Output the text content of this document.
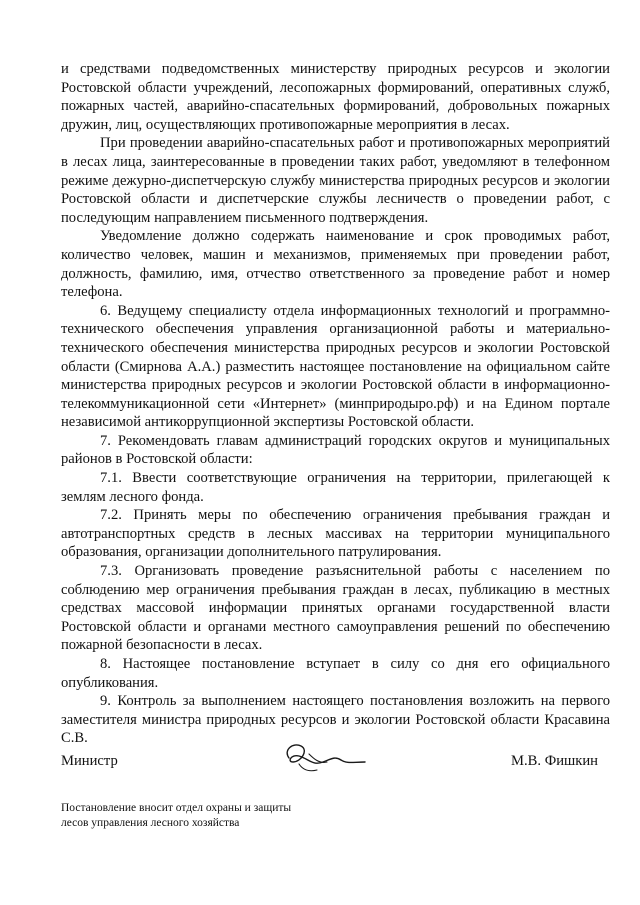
и средствами подведомственных министерству природных ресурсов и экологии Ростовской области учреждений, лесопожарных формирований, оперативных служб, пожарных частей, аварийно-спасательных формирований, добровольных пожарных дружин, лиц, осуществляющих противопожарные мероприятия в лесах.

При проведении аварийно-спасательных работ и противопожарных мероприятий в лесах лица, заинтересованные в проведении таких работ, уведомляют в телефонном режиме дежурно-диспетчерскую службу министерства природных ресурсов и экологии Ростовской области и диспетчерские службы лесничеств о проведении работ, с последующим направлением письменного подтверждения.

Уведомление должно содержать наименование и срок проводимых работ, количество человек, машин и механизмов, применяемых при проведении работ, должность, фамилию, имя, отчество ответственного за проведение работ и номер телефона.

6. Ведущему специалисту отдела информационных технологий и программно-технического обеспечения управления организационной работы и материально-технического обеспечения министерства природных ресурсов и экологии Ростовской области (Смирнова А.А.) разместить настоящее постановление на официальном сайте министерства природных ресурсов и экологии Ростовской области в информационно-телекоммуникационной сети «Интернет» (минприродыро.рф) и на Едином портале независимой антикоррупционной экспертизы Ростовской области.

7. Рекомендовать главам администраций городских округов и муниципальных районов в Ростовской области:

7.1. Ввести соответствующие ограничения на территории, прилегающей к землям лесного фонда.

7.2. Принять меры по обеспечению ограничения пребывания граждан и автотранспортных средств в лесных массивах на территории муниципального образования, организации дополнительного патрулирования.

7.3. Организовать проведение разъяснительной работы с населением по соблюдению мер ограничения пребывания граждан в лесах, публикацию в местных средствах массовой информации принятых органами государственной власти Ростовской области и органами местного самоуправления решений по обеспечению пожарной безопасности в лесах.

8. Настоящее постановление вступает в силу со дня его официального опубликования.

9. Контроль за выполнением настоящего постановления возложить на первого заместителя министра природных ресурсов и экологии Ростовской области Красавина С.В.

Министр	М.В. Фишкин
Постановление вносит отдел охраны и защиты
лесов управления лесного хозяйства
